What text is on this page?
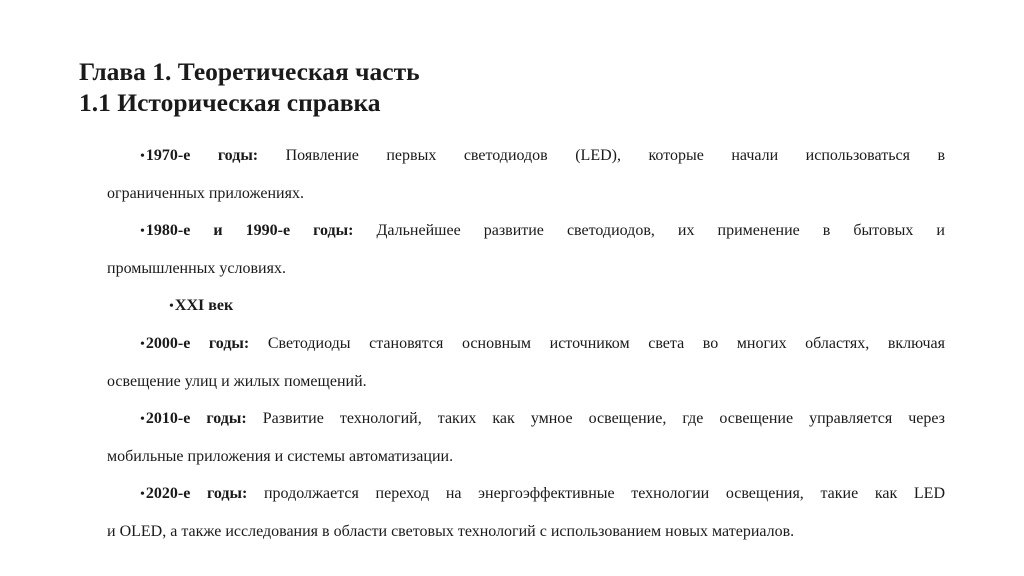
Глава 1. Теоретическая часть
1.1 Историческая справка
•1970-е годы: Появление первых светодиодов (LED), которые начали использоваться в
ограниченных приложениях.
•1980-е и 1990-е годы: Дальнейшее развитие светодиодов, их применение в бытовых и
промышленных условиях.
•XXI век
•2000-е годы: Светодиоды становятся основным источником света во многих областях, включая
освещение улиц и жилых помещений.
•2010-е годы: Развитие технологий, таких как умное освещение, где освещение управляется через
мобильные приложения и системы автоматизации.
•2020-е годы: продолжается переход на энергоэффективные технологии освещения, такие как LED
и OLED, а также исследования в области световых технологий с использованием новых материалов.
